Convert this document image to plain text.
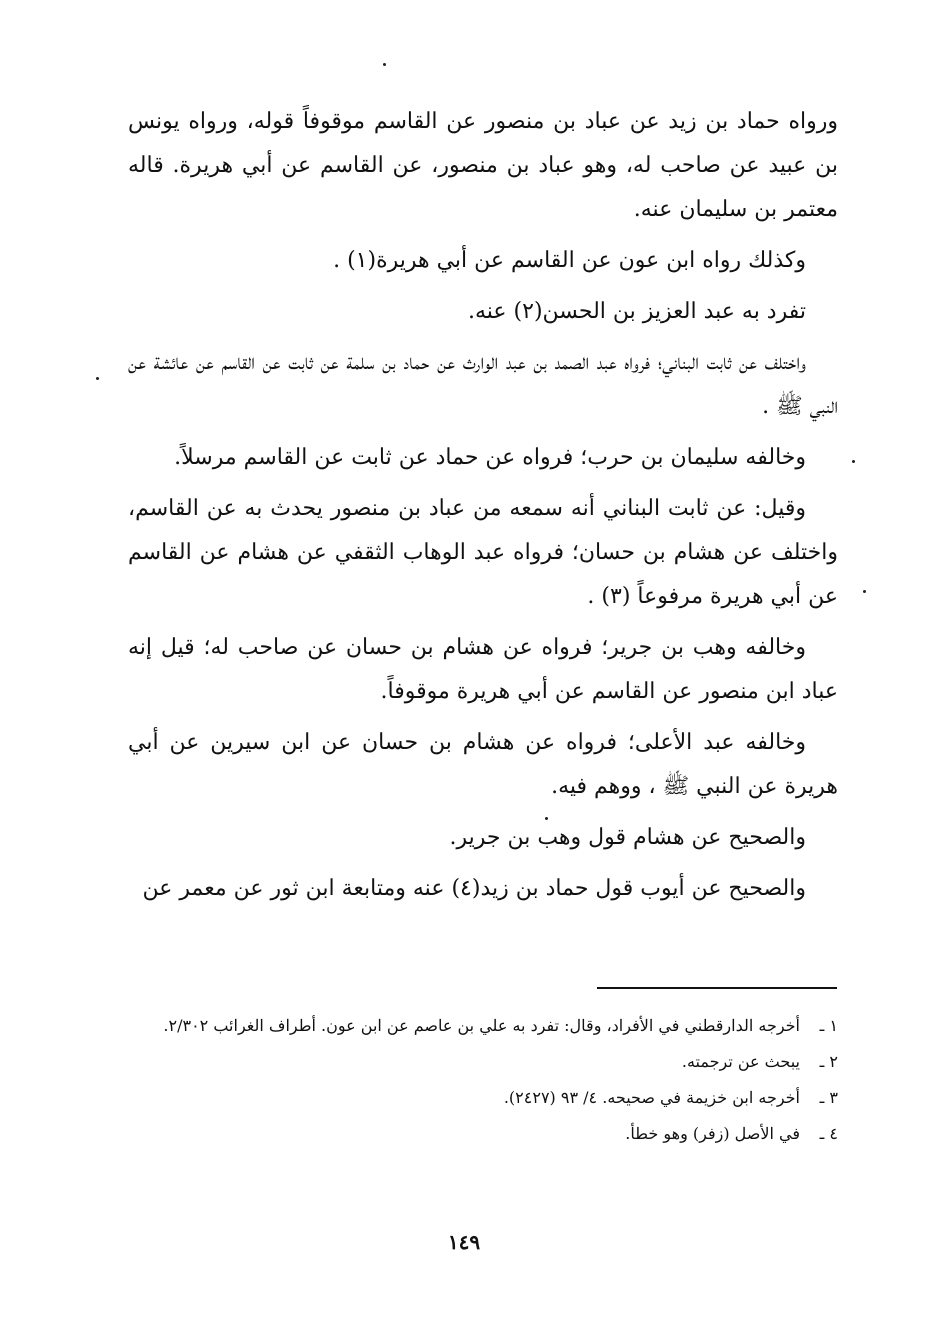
ورواه حماد بن زيد عن عباد بن منصور عن القاسم موقوفاً قوله، ورواه يونس بن عبيد عن صاحب له، وهو عباد بن منصور، عن القاسم عن أبي هريرة. قاله معتمر بن سليمان عنه.

وكذلك رواه ابن عون عن القاسم عن أبي هريرة(١) .

تفرد به عبد العزيز بن الحسن(٢) عنه.

واختلف عن ثابت البناني؛ فرواه عبد الصمد بن عبد الوارث عن حماد بن سلمة عن ثابت عن القاسم عن عائشة عن النبي ﷺ .

وخالفه سليمان بن حرب؛ فرواه عن حماد عن ثابت عن القاسم مرسلاً.

وقيل: عن ثابت البناني أنه سمعه من عباد بن منصور يحدث به عن القاسم، واختلف عن هشام بن حسان؛ فرواه عبد الوهاب الثقفي عن هشام عن القاسم عن أبي هريرة مرفوعاً (٣) .

وخالفه وهب بن جرير؛ فرواه عن هشام بن حسان عن صاحب له؛ قيل إنه عباد ابن منصور عن القاسم عن أبي هريرة موقوفاً.

وخالفه عبد الأعلى؛ فرواه عن هشام بن حسان عن ابن سيرين عن أبي هريرة عن النبي ﷺ ، ووهم فيه.

والصحيح عن هشام قول وهب بن جرير.

والصحيح عن أيوب قول حماد بن زيد(٤) عنه ومتابعة ابن ثور عن معمر عن

١ ـ
أخرجه الدارقطني في الأفراد، وقال: تفرد به علي بن عاصم عن ابن عون. أطراف الغرائب ٢/٣٠٢.
٢ ـ
يبحث عن ترجمته.
٣ ـ
أخرجه ابن خزيمة في صحيحه. ٤/ ٩٣ (٢٤٢٧).
٤ ـ
في الأصل (زفر) وهو خطأ.
١٤٩
